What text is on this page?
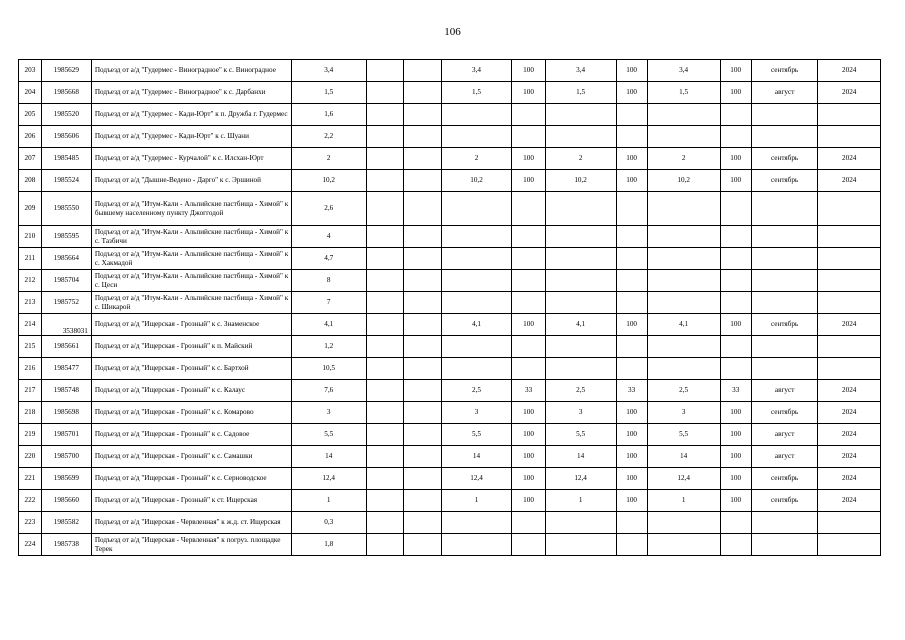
106
203	1985629	Подъезд от а/д "Гудермес - Виноградное" к с. Виноградное	3,4			3,4	100	3,4	100	3,4	100	сентябрь	2024
204	1985668	Подъезд от а/д "Гудермес - Виноградное" к с. Дарбанхи	1,5			1,5	100	1,5	100	1,5	100	август	2024
205	1985520	Подъезд от а/д "Гудермес - Кади-Юрт" к п. Дружба г. Гудермес	1,6										
206	1985606	Подъезд от а/д "Гудермес - Кади-Юрт" к с. Шуани	2,2										
207	1985485	Подъезд от а/д "Гудермес - Курчалой" к с. Илсхан-Юрт	2			2	100	2	100	2	100	сентябрь	2024
208	1985524	Подъезд от а/д "Дышне-Ведено - Дарго" к с. Эршиной	10,2			10,2	100	10,2	100	10,2	100	сентябрь	2024
209	1985550	Подъезд от а/д "Итум-Кали - Альпийские пастбища - Химой" к бывшему населенному пункту Джоггодой	2,6										
210	1985595	Подъезд от а/д "Итум-Кали - Альпийские пастбища - Химой" к с. Тазбичи	4										
211	1985664	Подъезд от а/д "Итум-Кали - Альпийские пастбища - Химой" к с. Хакмадой	4,7										
212	1985704	Подъезд от а/д "Итум-Кали - Альпийские пастбища - Химой" к с. Цеси	8										
213	1985752	Подъезд от а/д "Итум-Кали - Альпийские пастбища - Химой" к с. Шикарой	7										
214	3538031	Подъезд от а/д "Ищерская - Грозный" к с. Знаменское	4,1			4,1	100	4,1	100	4,1	100	сентябрь	2024
215	1985661	Подъезд от а/д "Ищерская - Грозный" к п. Майский	1,2										
216	1985477	Подъезд от а/д "Ищерская - Грозный" к с. Бартхой	10,5										
217	1985748	Подъезд от а/д "Ищерская - Грозный" к с. Калаус	7,6			2,5	33	2,5	33	2,5	33	август	2024
218	1985698	Подъезд от а/д "Ищерская - Грозный" к с. Комарово	3			3	100	3	100	3	100	сентябрь	2024
219	1985701	Подъезд от а/д "Ищерская - Грозный" к с. Садовое	5,5			5,5	100	5,5	100	5,5	100	август	2024
220	1985700	Подъезд от а/д "Ищерская - Грозный" к с. Самашки	14			14	100	14	100	14	100	август	2024
221	1985699	Подъезд от а/д "Ищерская - Грозный" к с. Серноводское	12,4			12,4	100	12,4	100	12,4	100	сентябрь	2024
222	1985660	Подъезд от а/д "Ищерская - Грозный" к ст. Ищерская	1			1	100	1	100	1	100	сентябрь	2024
223	1985582	Подъезд от а/д "Ищерская - Червленная" к ж.д. ст. Ищерская	0,3										
224	1985738	Подъезд от а/д "Ищерская - Червленная" к погруз. площадке Терек	1,8										
